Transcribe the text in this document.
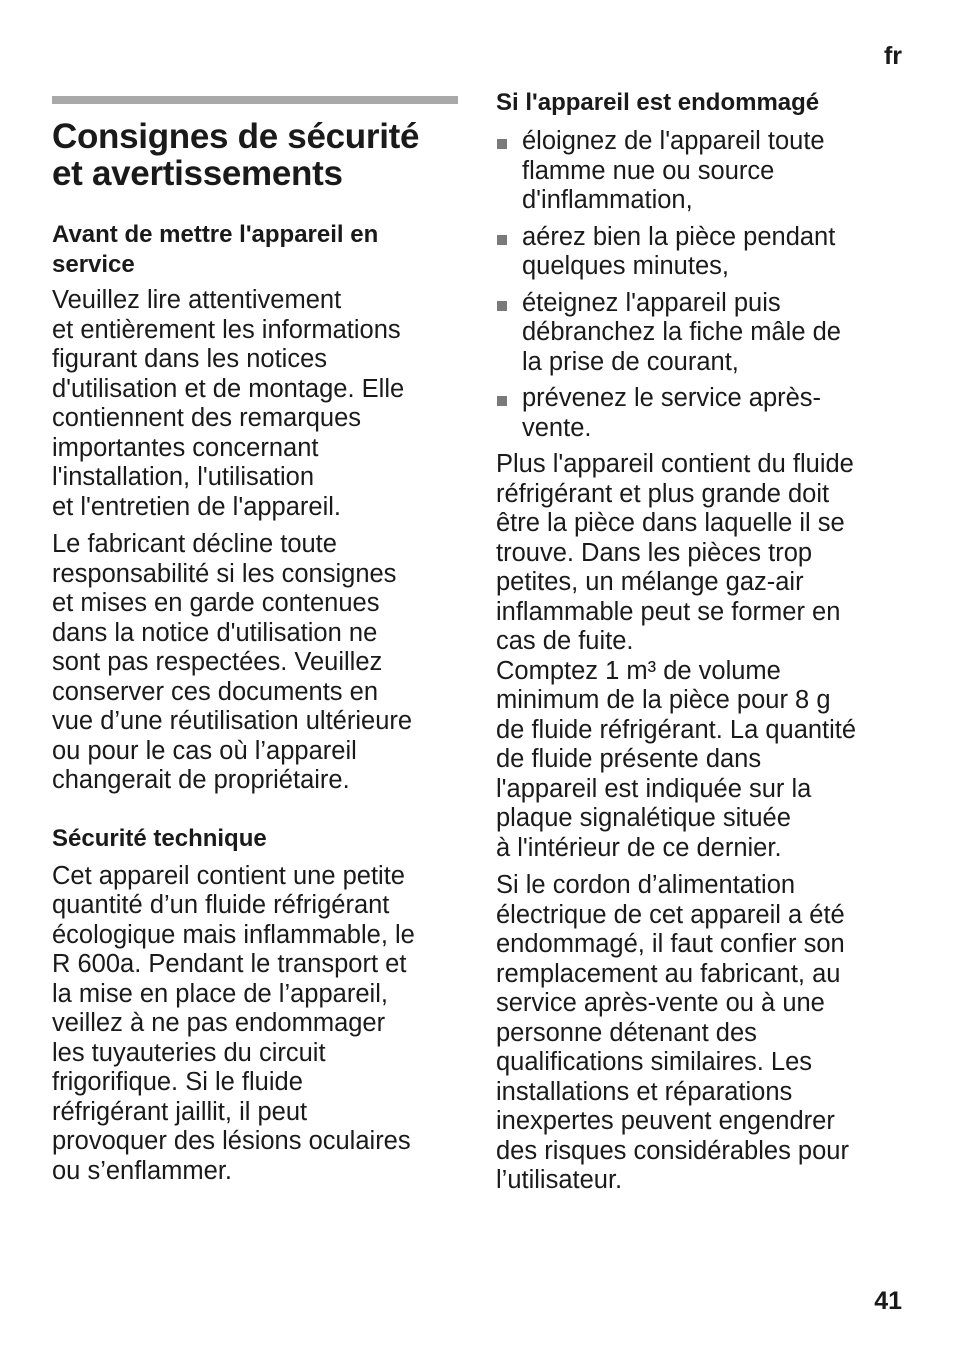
fr
Consignes de sécurité
et avertissements
Avant de mettre l'appareil en
service

Veuillez lire attentivement
et entièrement les informations
figurant dans les notices
d'utilisation et de montage. Elle
contiennent des remarques
importantes concernant
l'installation, l'utilisation
et l'entretien de l'appareil.

Le fabricant décline toute
responsabilité si les consignes
et mises en garde contenues
dans la notice d'utilisation ne
sont pas respectées. Veuillez
conserver ces documents en
vue d’une réutilisation ultérieure
ou pour le cas où l’appareil
changerait de propriétaire.

Sécurité technique

Cet appareil contient une petite
quantité d’un fluide réfrigérant
écologique mais inflammable, le
R 600a. Pendant le transport et
la mise en place de l’appareil,
veillez à ne pas endommager
les tuyauteries du circuit
frigorifique. Si le fluide
réfrigérant jaillit, il peut
provoquer des lésions oculaires
ou s’enflammer.

Si l'appareil est endommagé
éloignez de l'appareil toute
flamme nue ou source
d'inflammation,
aérez bien la pièce pendant
quelques minutes,
éteignez l'appareil puis
débranchez la fiche mâle de
la prise de courant,
prévenez le service après-
vente.

Plus l'appareil contient du fluide
réfrigérant et plus grande doit
être la pièce dans laquelle il se
trouve. Dans les pièces trop
petites, un mélange gaz-air
inflammable peut se former en
cas de fuite.
Comptez 1 m³ de volume
minimum de la pièce pour 8 g
de fluide réfrigérant. La quantité
de fluide présente dans
l'appareil est indiquée sur la
plaque signalétique située
à l'intérieur de ce dernier.

Si le cordon d’alimentation
électrique de cet appareil a été
endommagé, il faut confier son
remplacement au fabricant, au
service après-vente ou à une
personne détenant des
qualifications similaires. Les
installations et réparations
inexpertes peuvent engendrer
des risques considérables pour
l’utilisateur.

41
